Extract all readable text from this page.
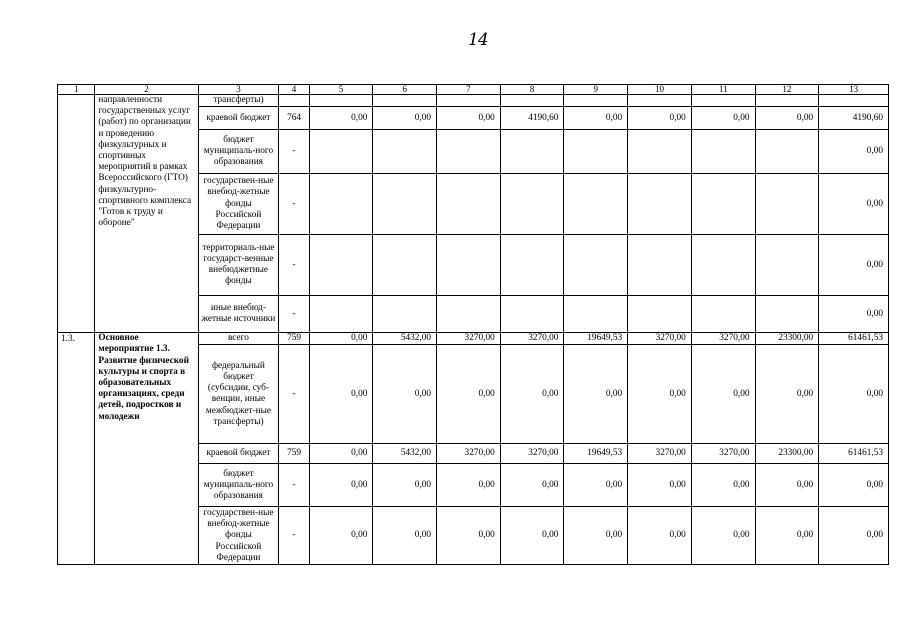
14
1	2	3	4	5	6	7	8	9	10	11	12	13
	направленности государственных услуг (работ) по организации и проведению физкультурных и спортивных мероприятий в рамках Всероссийского (ГТО) физкультурно-спортивного комплекса "Готов к труду и обороне"	трансферты)										
		краевой бюджет	764	0,00	0,00	0,00	4190,60	0,00	0,00	0,00	0,00	4190,60
		бюджет муниципаль-ного образования	-									0,00
		государствен-ные внебюд-жетные фонды Российской Федерации	-									0,00
		территориаль-ные государст-венные внебюджетные фонды	-									0,00
		иные внебюд-жетные источники	-									0,00
1.3.	Основное мероприятие 1.3. Развитие физической культуры и спорта в образовательных организациях, среди детей, подростков и молодежи	всего	759	0,00	5432,00	3270,00	3270,00	19649,53	3270,00	3270,00	23300,00	61461,53
		федеральный бюджет (субсидии, суб-венции, иные межбюджет-ные трансферты)	-	0,00	0,00	0,00	0,00	0,00	0,00	0,00	0,00	0,00
		краевой бюджет	759	0,00	5432,00	3270,00	3270,00	19649,53	3270,00	3270,00	23300,00	61461,53
		бюджет муниципаль-ного образования	-	0,00	0,00	0,00	0,00	0,00	0,00	0,00	0,00	0,00
		государствен-ные внебюд-жетные фонды Российской Федерации	-	0,00	0,00	0,00	0,00	0,00	0,00	0,00	0,00	0,00
